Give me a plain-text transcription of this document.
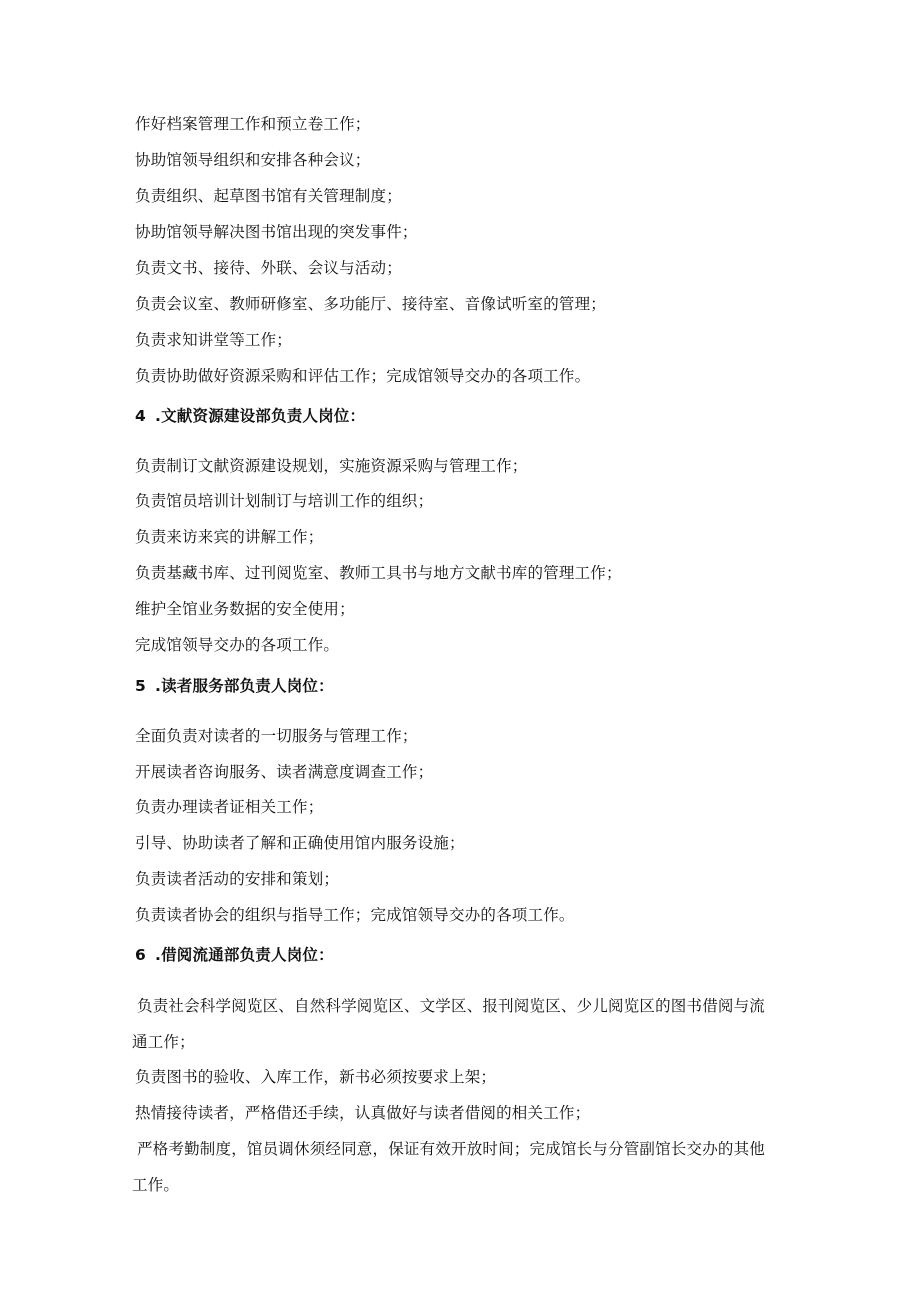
作好档案管理工作和预立卷工作；
协助馆领导组织和安排各种会议；
负责组织、起草图书馆有关管理制度；
协助馆领导解决图书馆出现的突发事件；
负责文书、接待、外联、会议与活动；
负责会议室、教师研修室、多功能厅、接待室、音像试听室的管理；
负责求知讲堂等工作；
负责协助做好资源采购和评估工作；完成馆领导交办的各项工作。
4 .文献资源建设部负责人岗位：
负责制订文献资源建设规划，实施资源采购与管理工作；
负责馆员培训计划制订与培训工作的组织；
负责来访来宾的讲解工作；
负责基藏书库、过刊阅览室、教师工具书与地方文献书库的管理工作；
维护全馆业务数据的安全使用；
完成馆领导交办的各项工作。
5 .读者服务部负责人岗位：
全面负责对读者的一切服务与管理工作；
开展读者咨询服务、读者满意度调查工作；
负责办理读者证相关工作；
引导、协助读者了解和正确使用馆内服务设施；
负责读者活动的安排和策划；
负责读者协会的组织与指导工作；完成馆领导交办的各项工作。
6 .借阅流通部负责人岗位：
负责社会科学阅览区、自然科学阅览区、文学区、报刊阅览区、少儿阅览区的图书借阅与流
通工作；
负责图书的验收、入库工作，新书必须按要求上架；
热情接待读者，严格借还手续，认真做好与读者借阅的相关工作；
严格考勤制度，馆员调休须经同意，保证有效开放时间；完成馆长与分管副馆长交办的其他
工作。
